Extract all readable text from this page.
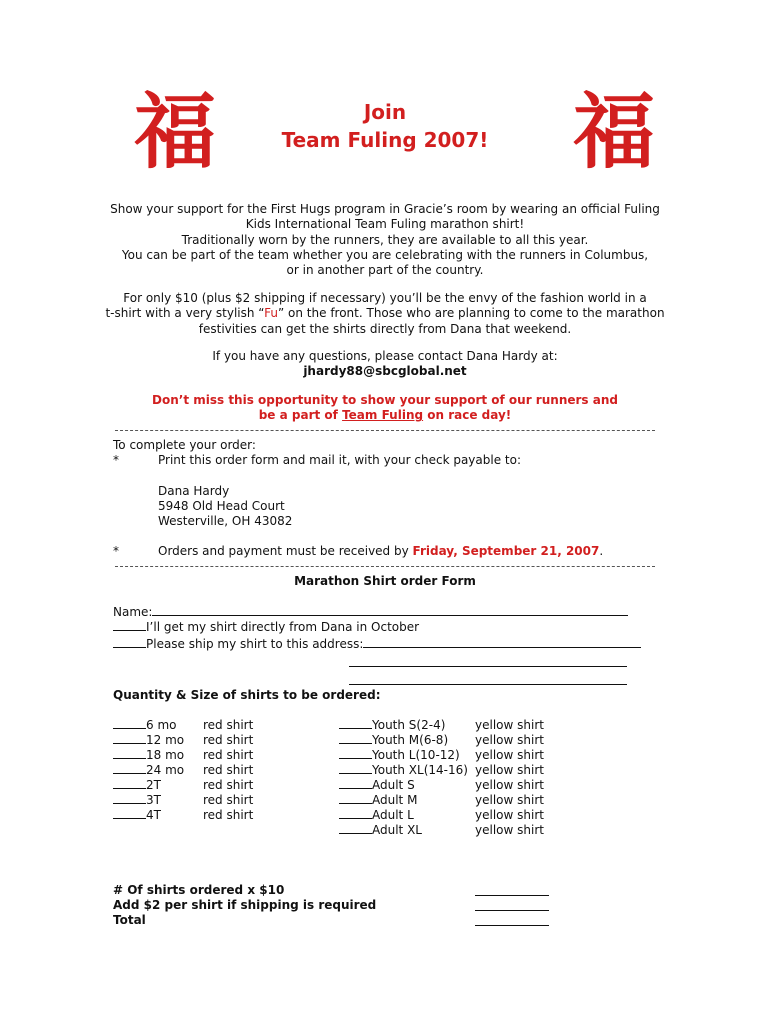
福	福
Join
Team Fuling 2007!
Show your support for the First Hugs program in Gracie’s room by wearing an official Fuling
Kids International Team Fuling marathon shirt!
Traditionally worn by the runners, they are available to all this year.
You can be part of the team whether you are celebrating with the runners in Columbus,
or in another part of the country.
For only $10 (plus $2 shipping if necessary) you’ll be the envy of the fashion world in a
t-shirt with a very stylish “Fu” on the front. Those who are planning to come to the marathon
festivities can get the shirts directly from Dana that weekend.
If you have any questions, please contact Dana Hardy at:
jhardy88@sbcglobal.net
Don’t miss this opportunity to show your support of our runners and
be a part of Team Fuling on race day!
To complete your order:
*	Print this order form and mail it, with your check payable to:
Dana Hardy
5948 Old Head Court
Westerville, OH 43082
*	Orders and payment must be received by Friday, September 21, 2007.
Marathon Shirt order Form
Name:
I’ll get my shirt directly from Dana in October
Please ship my shirt to this address:
Quantity & Size of shirts to be ordered:
6 mo red shirt
12 mo red shirt
18 mo red shirt
24 mo red shirt
2T	red shirt
3T	red shirt
4T	red shirt
Youth S(2-4) yellow shirt
Youth M(6-8) yellow shirt
Youth L(10-12) yellow shirt
Youth XL(14-16) yellow shirt
Adult S	yellow shirt
Adult M	yellow shirt
Adult L	yellow shirt
Adult XL	yellow shirt
# Of shirts ordered x $10
Add $2 per shirt if shipping is required
Total
